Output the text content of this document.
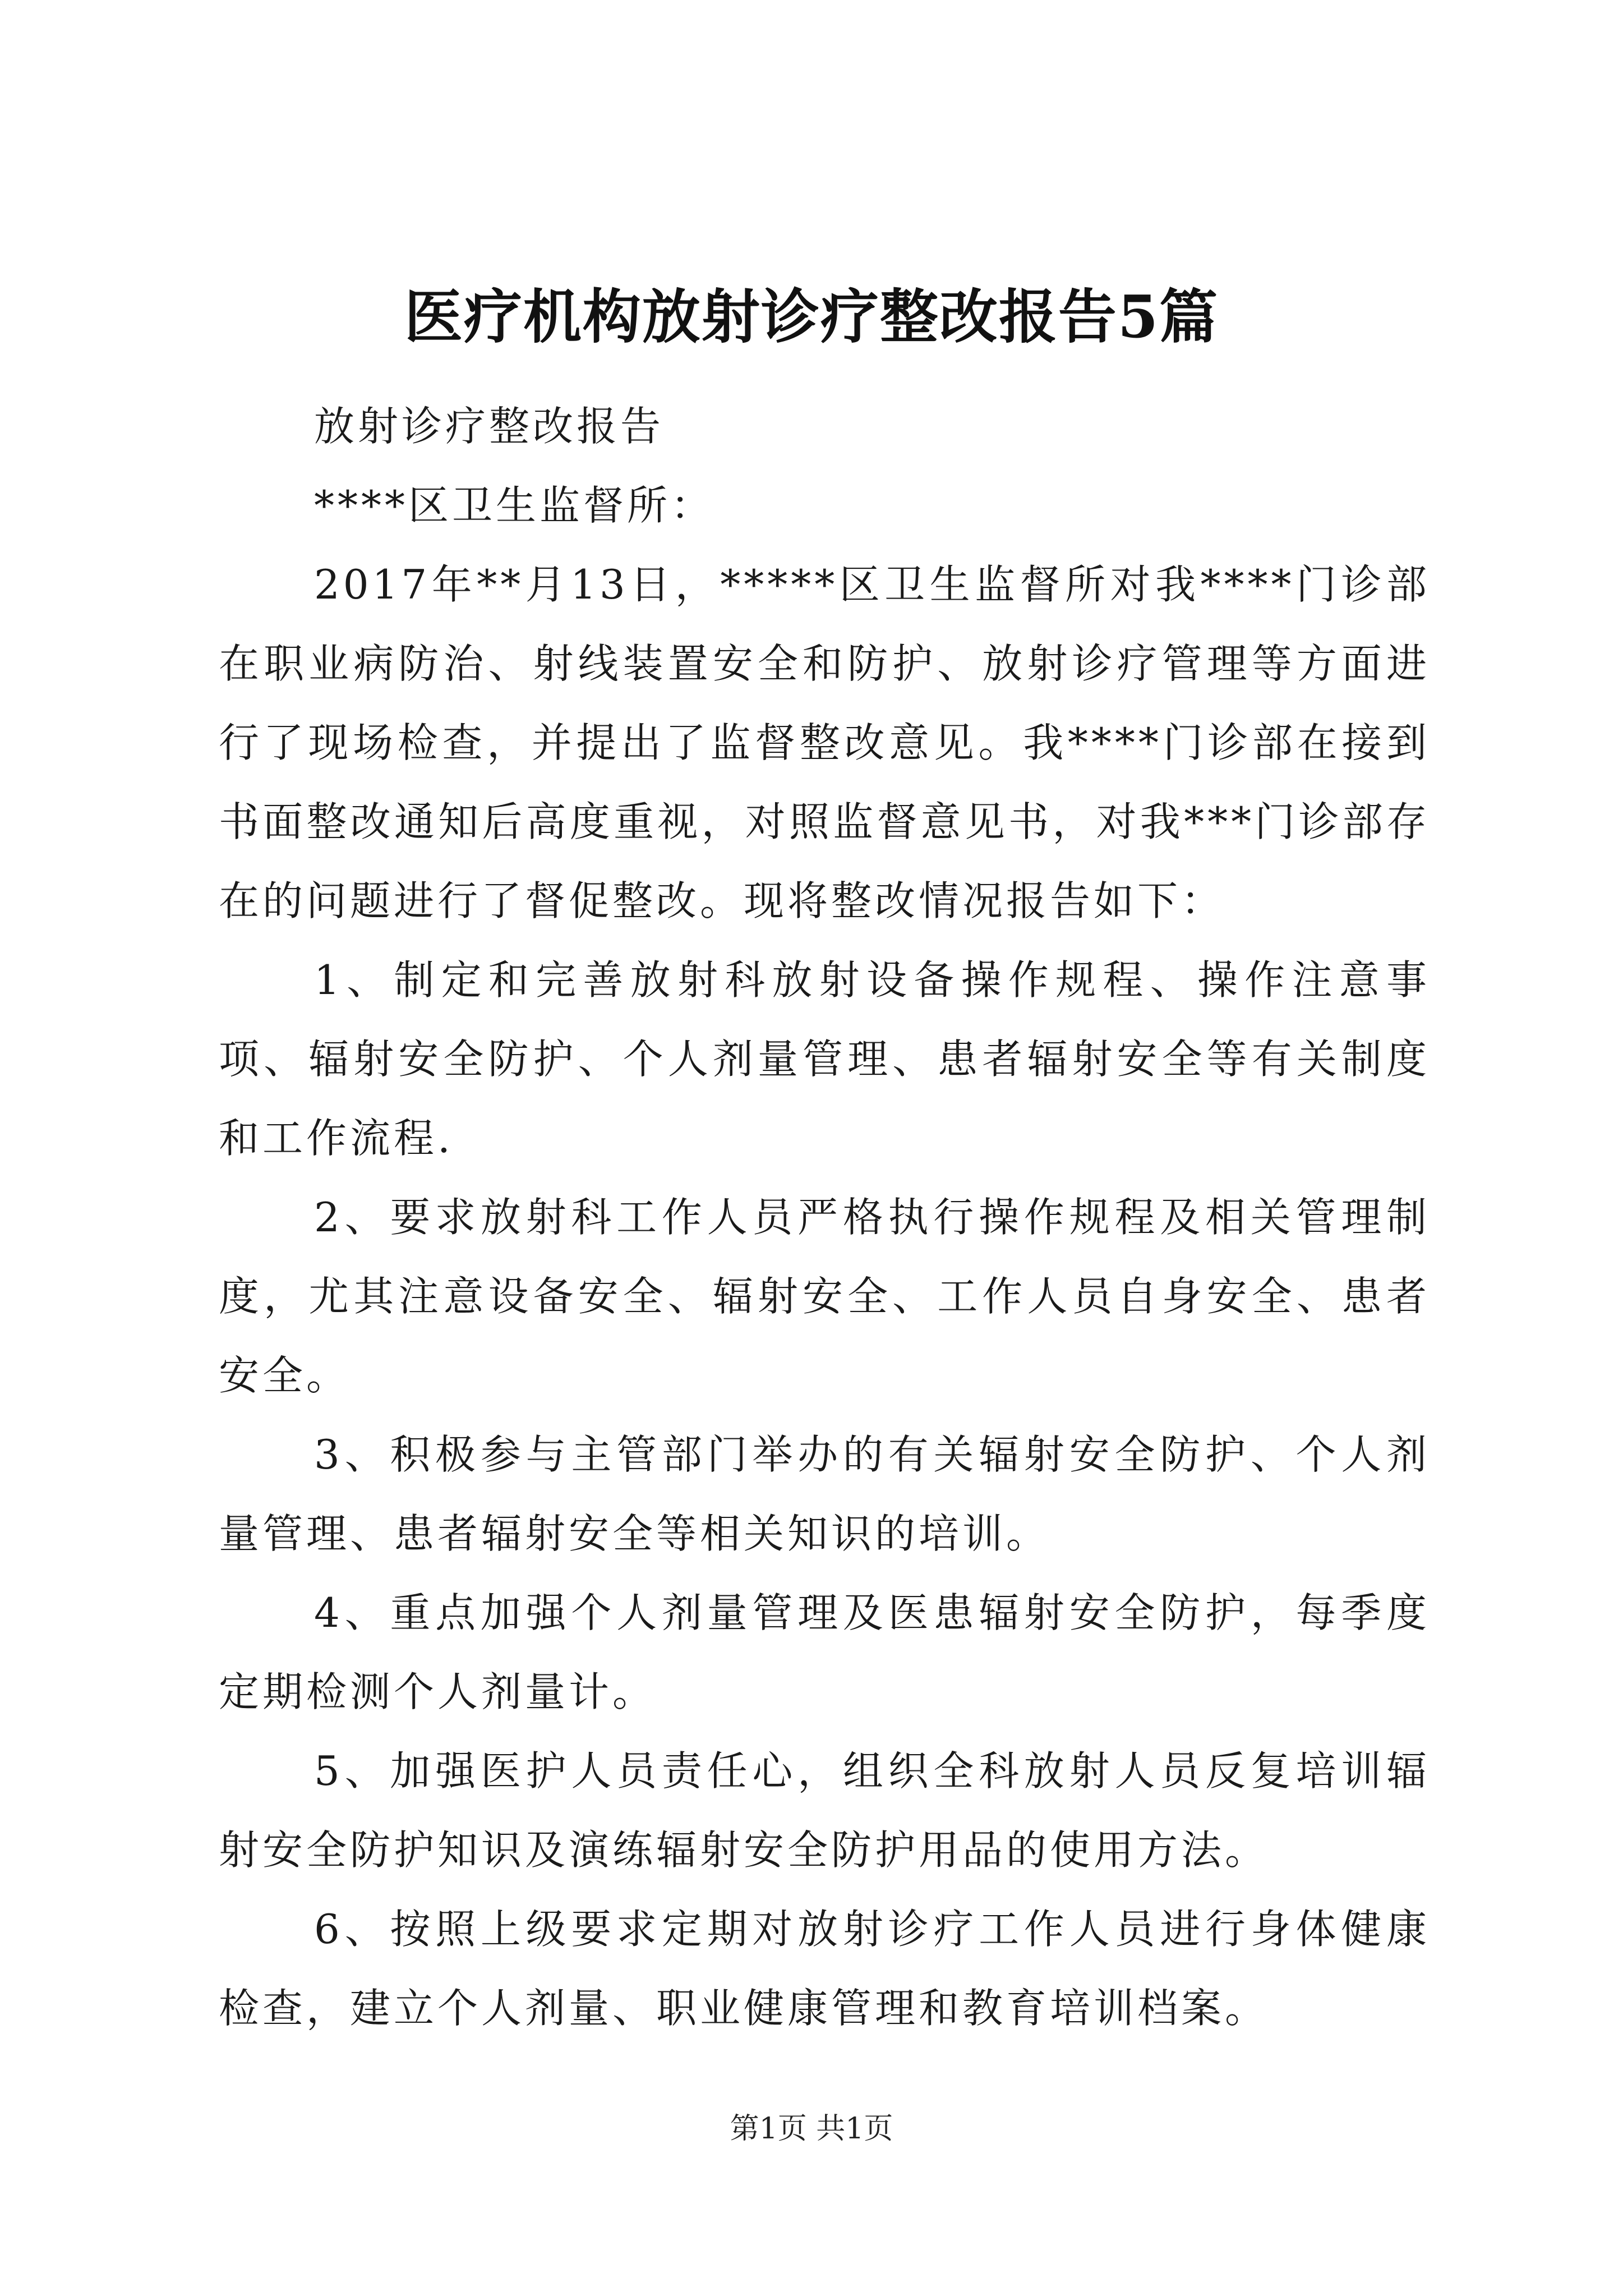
医疗机构放射诊疗整改报告5篇

放射诊疗整改报告

****区卫生监督所：

2017年**月13日，*****区卫生监督所对我****门诊部在职业病防治、射线装置安全和防护、放射诊疗管理等方面进行了现场检查，并提出了监督整改意见。我****门诊部在接到书面整改通知后高度重视，对照监督意见书，对我***门诊部存在的问题进行了督促整改。现将整改情况报告如下：

1、制定和完善放射科放射设备操作规程、操作注意事项、辐射安全防护、个人剂量管理、患者辐射安全等有关制度和工作流程.

2、要求放射科工作人员严格执行操作规程及相关管理制度，尤其注意设备安全、辐射安全、工作人员自身安全、患者安全。

3、积极参与主管部门举办的有关辐射安全防护、个人剂量管理、患者辐射安全等相关知识的培训。

4、重点加强个人剂量管理及医患辐射安全防护，每季度定期检测个人剂量计。

5、加强医护人员责任心，组织全科放射人员反复培训辐射安全防护知识及演练辐射安全防护用品的使用方法。

6、按照上级要求定期对放射诊疗工作人员进行身体健康检查，建立个人剂量、职业健康管理和教育培训档案。

第1页 共1页
